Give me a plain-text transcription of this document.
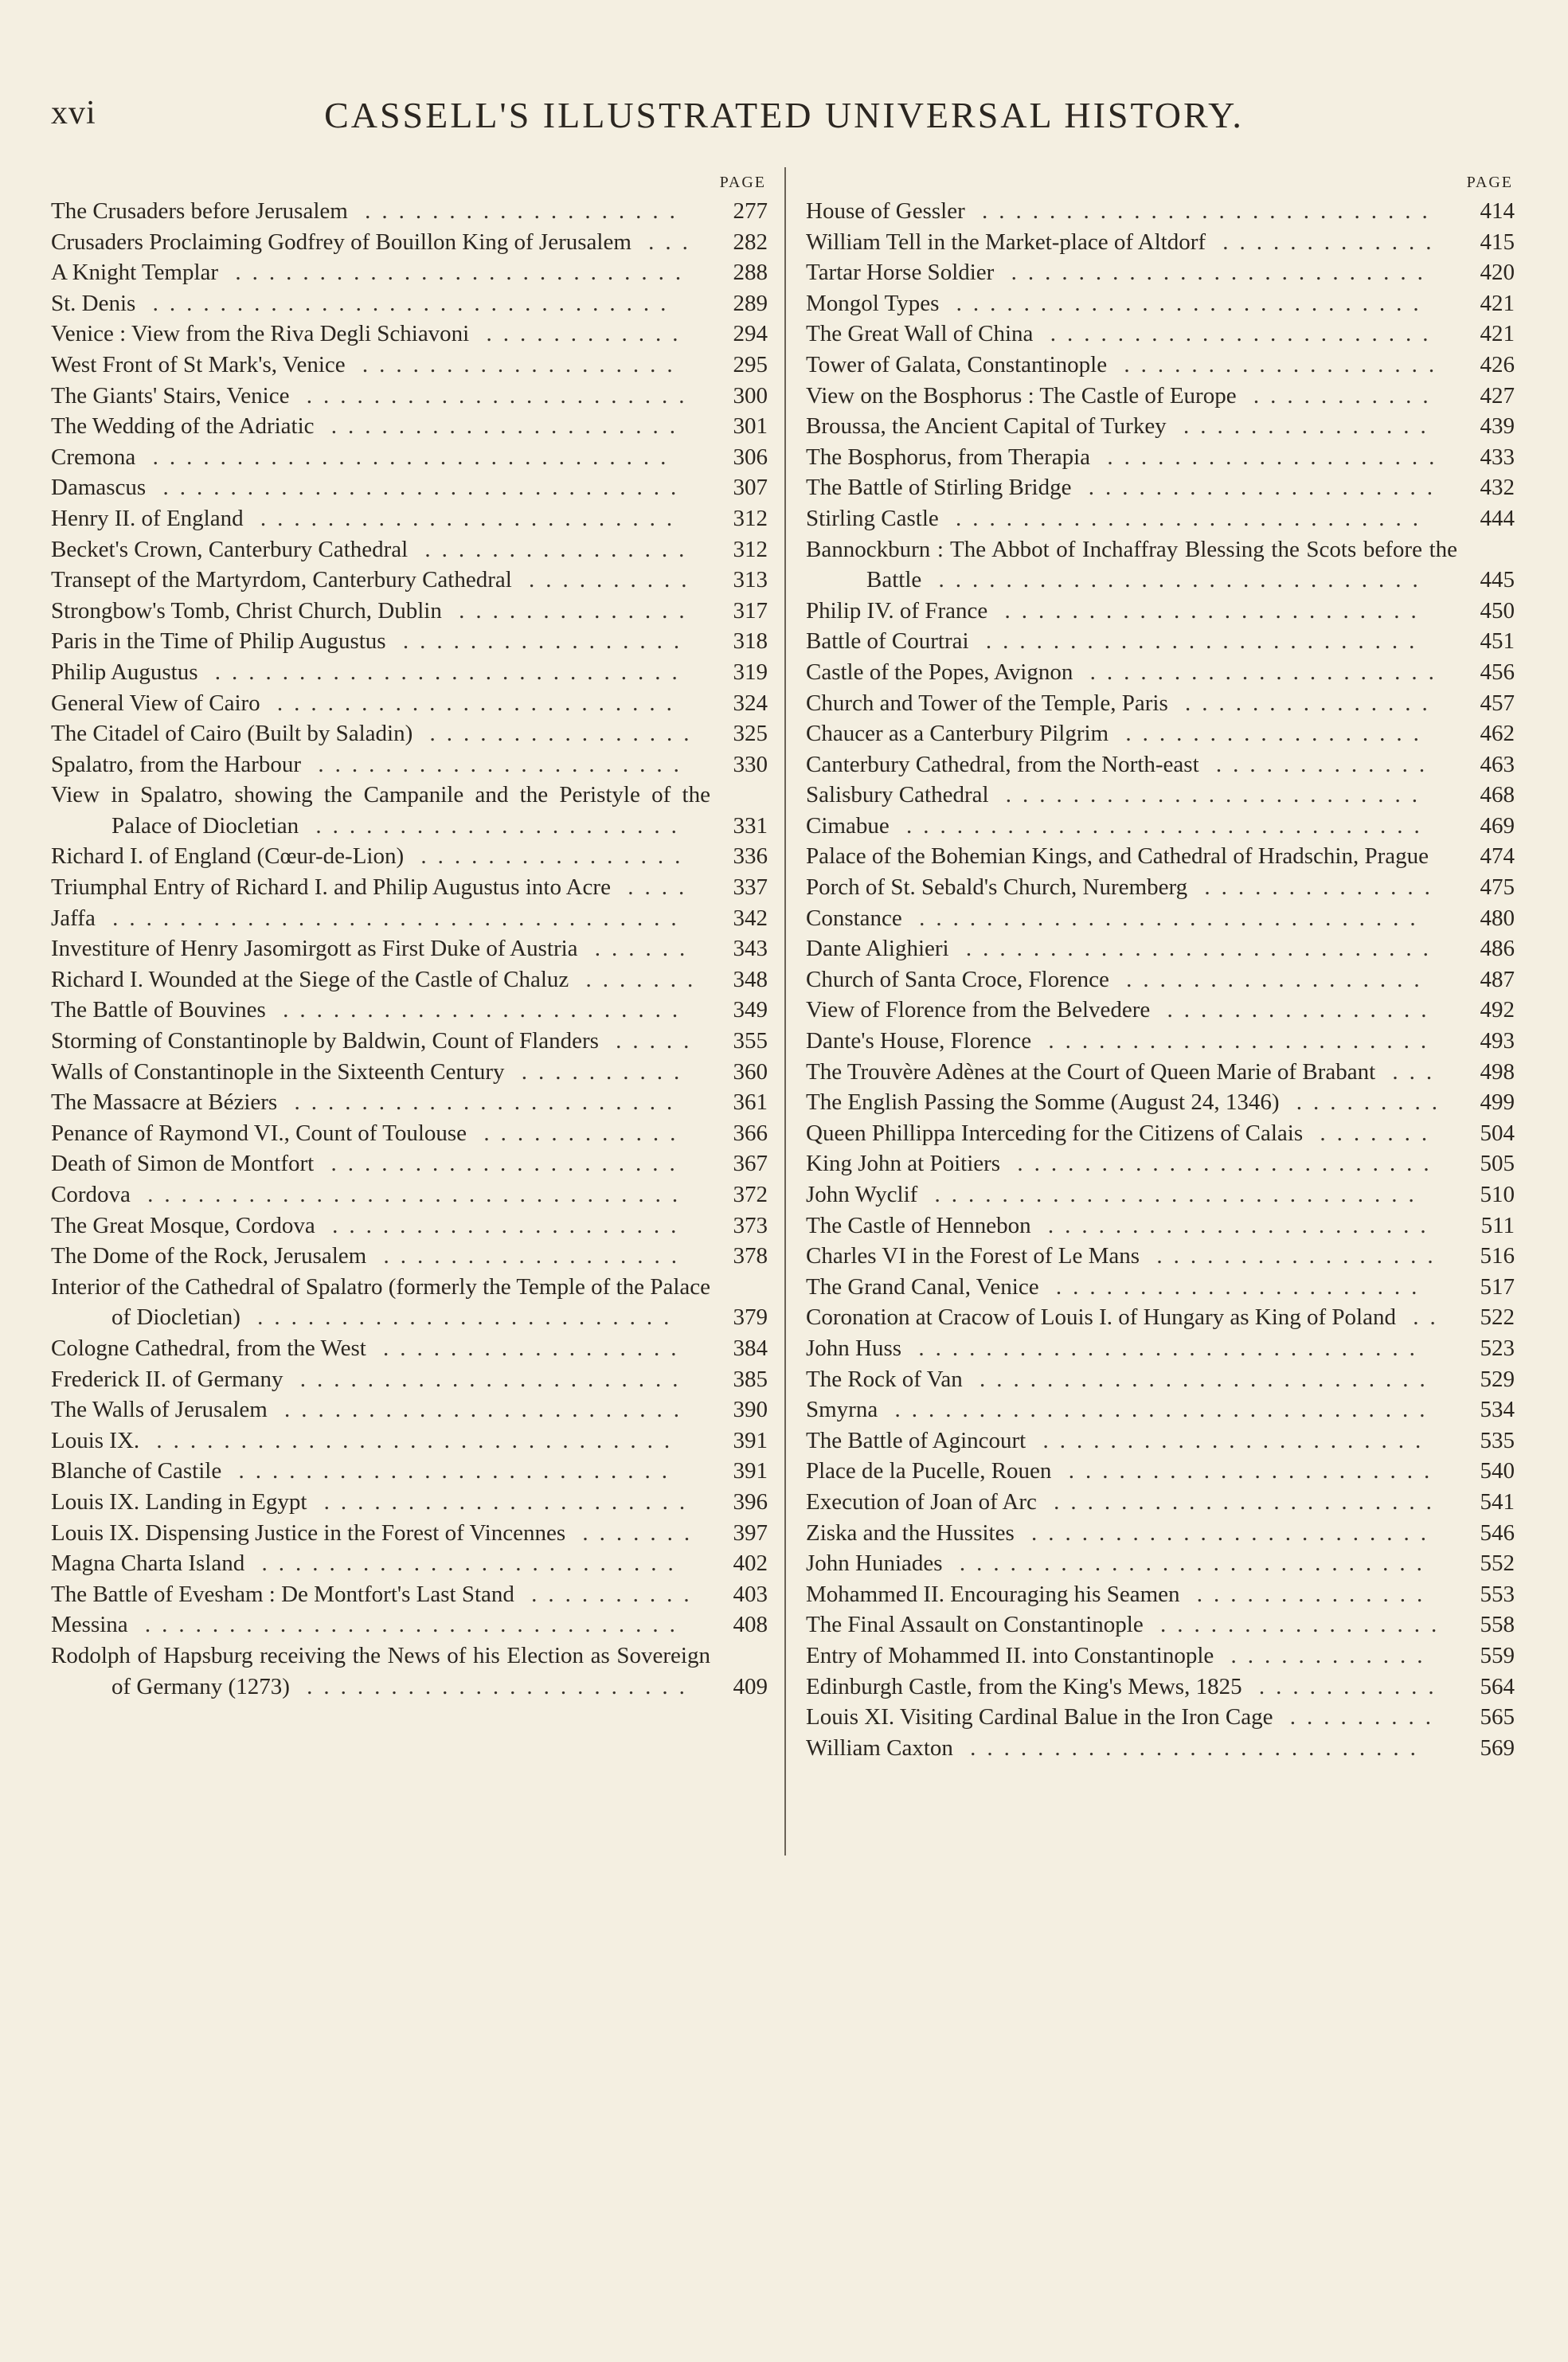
xvi	CASSELL'S ILLUSTRATED UNIVERSAL HISTORY.
PAGE
The Crusaders before Jerusalem ...................	277
Crusaders Proclaiming Godfrey of Bouillon King of Jerusalem ...	282
A Knight Templar ...........................	288
St. Denis ...............................	289
Venice : View from the Riva Degli Schiavoni ............	294
West Front of St Mark's, Venice ...................	295
The Giants' Stairs, Venice .......................	300
The Wedding of the Adriatic .....................	301
Cremona ...............................	306
Damascus ...............................	307
Henry II. of England .........................	312
Becket's Crown, Canterbury Cathedral ................	312
Transept of the Martyrdom, Canterbury Cathedral ..........	313
Strongbow's Tomb, Christ Church, Dublin ..............	317
Paris in the Time of Philip Augustus .................	318
Philip Augustus ............................	319
General View of Cairo ........................	324
The Citadel of Cairo (Built by Saladin) ................	325
Spalatro, from the Harbour ......................	330
View in Spalatro, showing the Campanile and the Peristyle of the Palace of Diocletian ......................	331
Richard I. of England (Cœur-de-Lion) ................	336
Triumphal Entry of Richard I. and Philip Augustus into Acre ....	337
Jaffa ..................................	342
Investiture of Henry Jasomirgott as First Duke of Austria ......	343
Richard I. Wounded at the Siege of the Castle of Chaluz .......	348
The Battle of Bouvines ........................	349
Storming of Constantinople by Baldwin, Count of Flanders .....	355
Walls of Constantinople in the Sixteenth Century ..........	360
The Massacre at Béziers .......................	361
Penance of Raymond VI., Count of Toulouse ............	366
Death of Simon de Montfort .....................	367
Cordova ................................	372
The Great Mosque, Cordova .....................	373
The Dome of the Rock, Jerusalem ..................	378
Interior of the Cathedral of Spalatro (formerly the Temple of the Palace of Diocletian) .........................	379
Cologne Cathedral, from the West ..................	384
Frederick II. of Germany .......................	385
The Walls of Jerusalem ........................	390
Louis IX. ...............................	391
Blanche of Castile ..........................	391
Louis IX. Landing in Egypt ......................	396
Louis IX. Dispensing Justice in the Forest of Vincennes .......	397
Magna Charta Island .........................	402
The Battle of Evesham : De Montfort's Last Stand ..........	403
Messina ................................	408
Rodolph of Hapsburg receiving the News of his Election as Sovereign of Germany (1273) .......................	409
PAGE
House of Gessler ...........................	414
William Tell in the Market-place of Altdorf .............	415
Tartar Horse Soldier .........................	420
Mongol Types ............................	421
The Great Wall of China .......................	421
Tower of Galata, Constantinople ...................	426
View on the Bosphorus : The Castle of Europe ...........	427
Broussa, the Ancient Capital of Turkey ...............	439
The Bosphorus, from Therapia ....................	433
The Battle of Stirling Bridge .....................	432
Stirling Castle ............................	444
Bannockburn : The Abbot of Inchaffray Blessing the Scots before the Battle .............................	445
Philip IV. of France .........................	450
Battle of Courtrai ..........................	451
Castle of the Popes, Avignon .....................	456
Church and Tower of the Temple, Paris ...............	457
Chaucer as a Canterbury Pilgrim ..................	462
Canterbury Cathedral, from the North-east .............	463
Salisbury Cathedral .........................	468
Cimabue ...............................	469
Palace of the Bohemian Kings, and Cathedral of Hradschin, Prague	474
Porch of St. Sebald's Church, Nuremberg ..............	475
Constance ..............................	480
Dante Alighieri ............................	486
Church of Santa Croce, Florence ..................	487
View of Florence from the Belvedere ................	492
Dante's House, Florence .......................	493
The Trouvère Adènes at the Court of Queen Marie of Brabant ...	498
The English Passing the Somme (August 24, 1346) .........	499
Queen Phillippa Interceding for the Citizens of Calais .......	504
King John at Poitiers .........................	505
John Wyclif .............................	510
The Castle of Hennebon .......................	511
Charles VI in the Forest of Le Mans .................	516
The Grand Canal, Venice ......................	517
Coronation at Cracow of Louis I. of Hungary as King of Poland ..	522
John Huss ..............................	523
The Rock of Van ...........................	529
Smyrna ................................	534
The Battle of Agincourt .......................	535
Place de la Pucelle, Rouen ......................	540
Execution of Joan of Arc .......................	541
Ziska and the Hussites ........................	546
John Huniades ............................	552
Mohammed II. Encouraging his Seamen ..............	553
The Final Assault on Constantinople .................	558
Entry of Mohammed II. into Constantinople ............	559
Edinburgh Castle, from the King's Mews, 1825 ...........	564
Louis XI. Visiting Cardinal Balue in the Iron Cage .........	565
William Caxton ...........................	569
